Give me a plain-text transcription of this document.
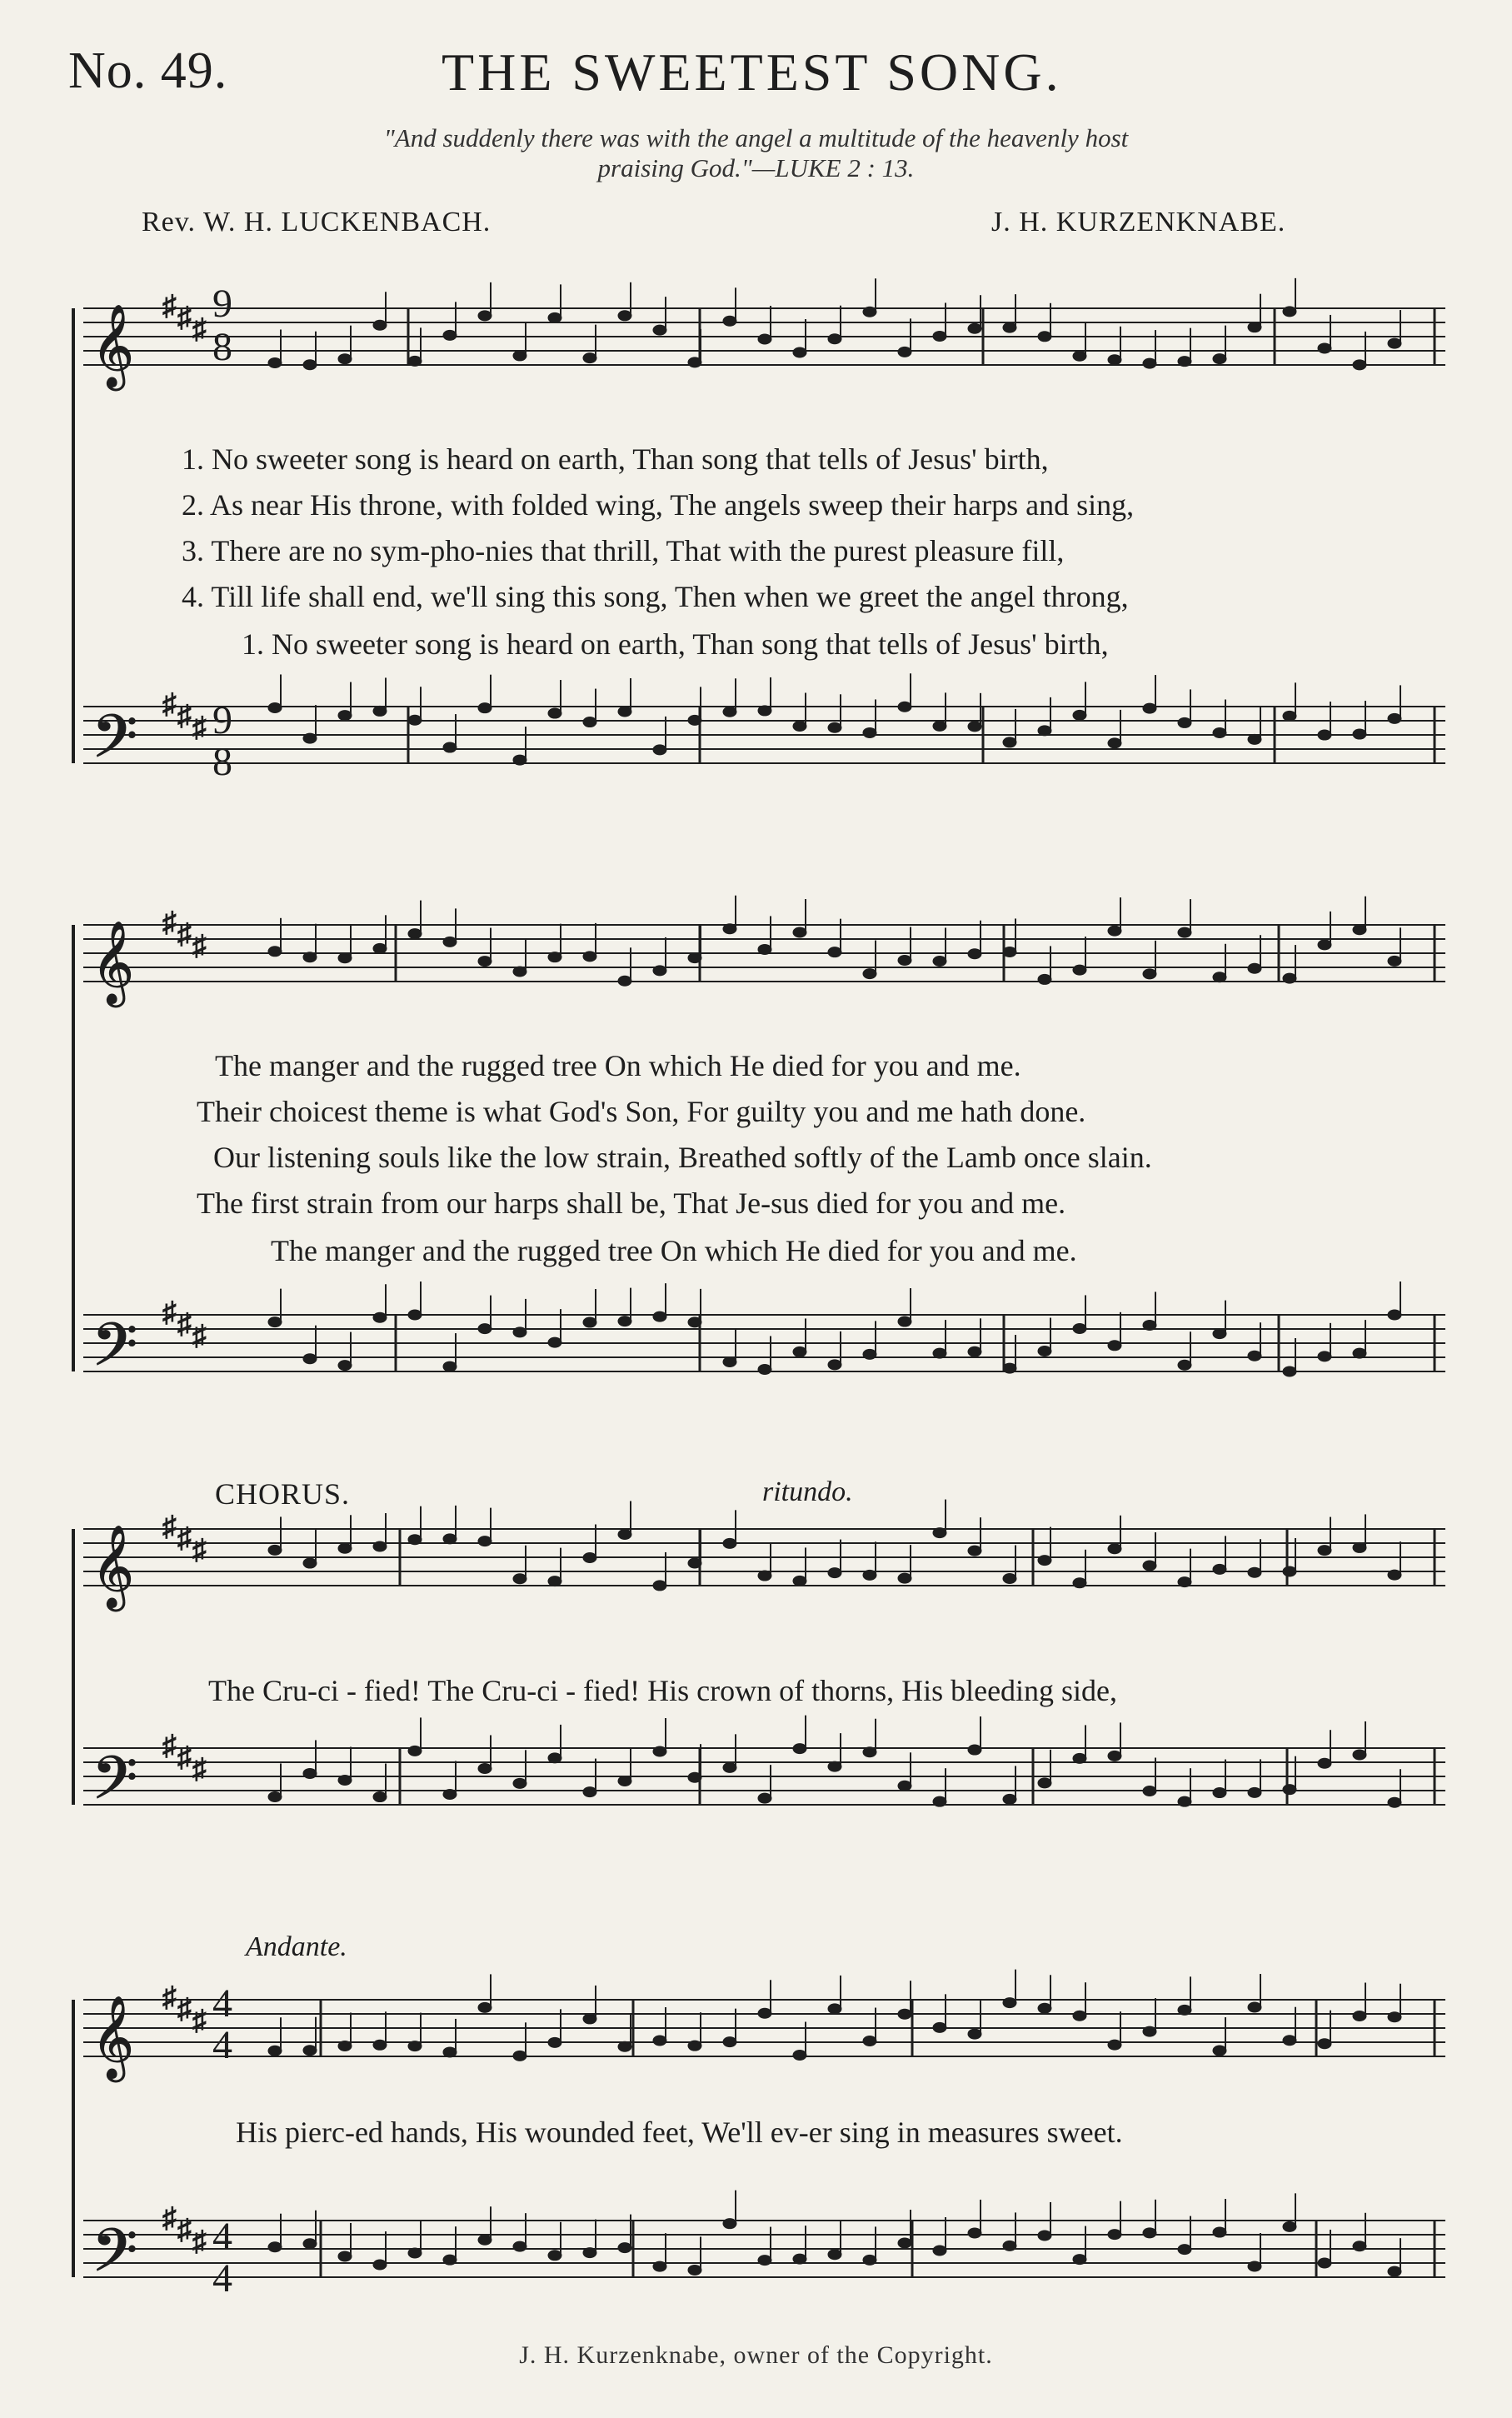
No. 49.	THE SWEETEST SONG.
"And suddenly there was with the angel a multitude of the heavenly host
praising God."—LUKE 2 : 13.
Rev. W. H. LUCKENBACH.	J. H. KURZENKNABE.
𝄞 ♯ ♯ ♯
𝄢 ♯ ♯ ♯
𝄞 ♯ ♯ ♯
𝄢 ♯ ♯ ♯
𝄞 ♯ ♯ ♯
𝄢 ♯ ♯ ♯
𝄞 ♯ ♯ ♯
𝄢 ♯ ♯ ♯
9
8
9
8
4
4
4
4
1. No sweeter song is heard on earth, Than song that tells of Jesus' birth,
2. As near His throne, with folded wing, The angels sweep their harps and sing,
3. There are no sym-pho-nies that thrill, That with the purest pleasure fill,
4. Till life shall end, we'll sing this song, Then when we greet the angel throng,
1. No sweeter song is heard on earth, Than song that tells of Jesus' birth,
The manger and the rugged tree On which He died for you and me.
Their choicest theme is what God's Son, For guilty you and me hath done.
Our listening souls like the low strain, Breathed softly of the Lamb once slain.
The first strain from our harps shall be, That Je-sus died for you and me.
The manger and the rugged tree On which He died for you and me.
CHORUS.	ritundo.
The Cru-ci - fied! The Cru-ci - fied! His crown of thorns, His bleeding side,
Andante.
His pierc-ed hands, His wounded feet, We'll ev-er sing in measures sweet.
J. H. Kurzenknabe, owner of the Copyright.
